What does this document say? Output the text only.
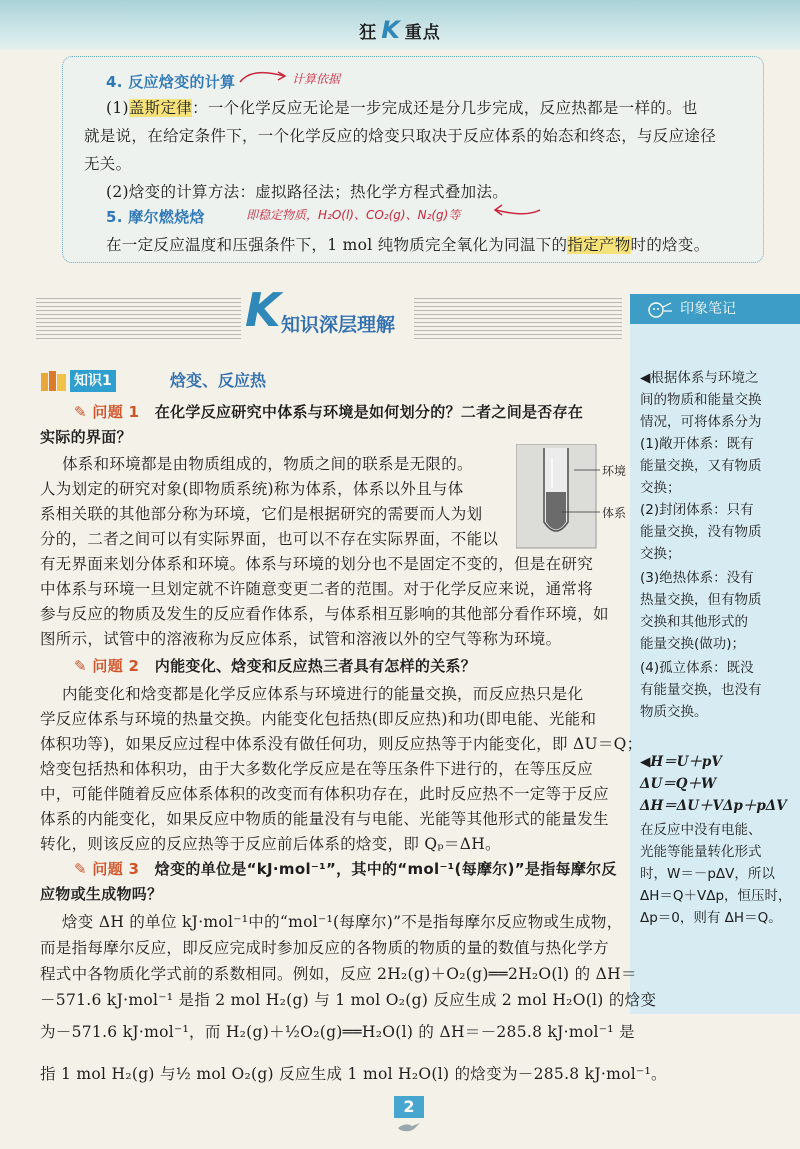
狂 K 重点
4. 反应焓变的计算	计算依据
(1)盖斯定律：一个化学反应无论是一步完成还是分几步完成，反应热都是一样的。也
就是说，在给定条件下，一个化学反应的焓变只取决于反应体系的始态和终态，与反应途径
无关。
(2)焓变的计算方法：虚拟路径法；热化学方程式叠加法。
5. 摩尔燃烧焓	即稳定物质，H₂O(l)、CO₂(g)、N₂(g)等
在一定反应温度和压强条件下，1 mol 纯物质完全氧化为同温下的指定产物时的焓变。
K 知识深层理解
印象笔记
◀根据体系与环境之
间的物质和能量交换
情况，可将体系分为
(1)敞开体系：既有
能量交换，又有物质
交换；
(2)封闭体系：只有
能量交换，没有物质
交换；
(3)绝热体系：没有
热量交换，但有物质
交换和其他形式的
能量交换(做功)；
(4)孤立体系：既没
有能量交换，也没有
物质交换。
◀H＝U＋pV
ΔU＝Q＋W
ΔH＝ΔU＋VΔp＋pΔV
在反应中没有电能、
光能等能量转化形式
时，W＝－pΔV，所以
ΔH＝Q＋VΔp，恒压时，
Δp＝0，则有 ΔH＝Q。
知识1	焓变、反应热
✎ 问题 1 在化学反应研究中体系与环境是如何划分的？二者之间是否存在
实际的界面？
体系和环境都是由物质组成的，物质之间的联系是无限的。
人为划定的研究对象(即物质系统)称为体系，体系以外且与体
系相关联的其他部分称为环境，它们是根据研究的需要而人为划
分的，二者之间可以有实际界面，也可以不存在实际界面，不能以
有无界面来划分体系和环境。体系与环境的划分也不是固定不变的，但是在研究
中体系与环境一旦划定就不许随意变更二者的范围。对于化学反应来说，通常将
参与反应的物质及发生的反应看作体系，与体系相互影响的其他部分看作环境，如
图所示，试管中的溶液称为反应体系，试管和溶液以外的空气等称为环境。
环境
体系
✎ 问题 2 内能变化、焓变和反应热三者具有怎样的关系？
内能变化和焓变都是化学反应体系与环境进行的能量交换，而反应热只是化
学反应体系与环境的热量交换。内能变化包括热(即反应热)和功(即电能、光能和
体积功等)，如果反应过程中体系没有做任何功，则反应热等于内能变化，即 ΔU＝Q；
焓变包括热和体积功，由于大多数化学反应是在等压条件下进行的，在等压反应
中，可能伴随着反应体系体积的改变而有体积功存在，此时反应热不一定等于反应
体系的内能变化，如果反应中物质的能量没有与电能、光能等其他形式的能量发生
转化，则该反应的反应热等于反应前后体系的焓变，即 Qₚ＝ΔH。
✎ 问题 3 焓变的单位是“kJ·mol⁻¹”，其中的“mol⁻¹(每摩尔)”是指每摩尔反
应物或生成物吗？
焓变 ΔH 的单位 kJ·mol⁻¹中的“mol⁻¹(每摩尔)”不是指每摩尔反应物或生成物，
而是指每摩尔反应，即反应完成时参加反应的各物质的物质的量的数值与热化学方
程式中各物质化学式前的系数相同。例如，反应 2H₂(g)＋O₂(g)══2H₂O(l) 的 ΔH＝
－571.6 kJ·mol⁻¹ 是指 2 mol H₂(g) 与 1 mol O₂(g) 反应生成 2 mol H₂O(l) 的焓变
为－571.6 kJ·mol⁻¹，而 H₂(g)＋½O₂(g)══H₂O(l) 的 ΔH＝－285.8 kJ·mol⁻¹ 是
指 1 mol H₂(g) 与½ mol O₂(g) 反应生成 1 mol H₂O(l) 的焓变为－285.8 kJ·mol⁻¹。
2
